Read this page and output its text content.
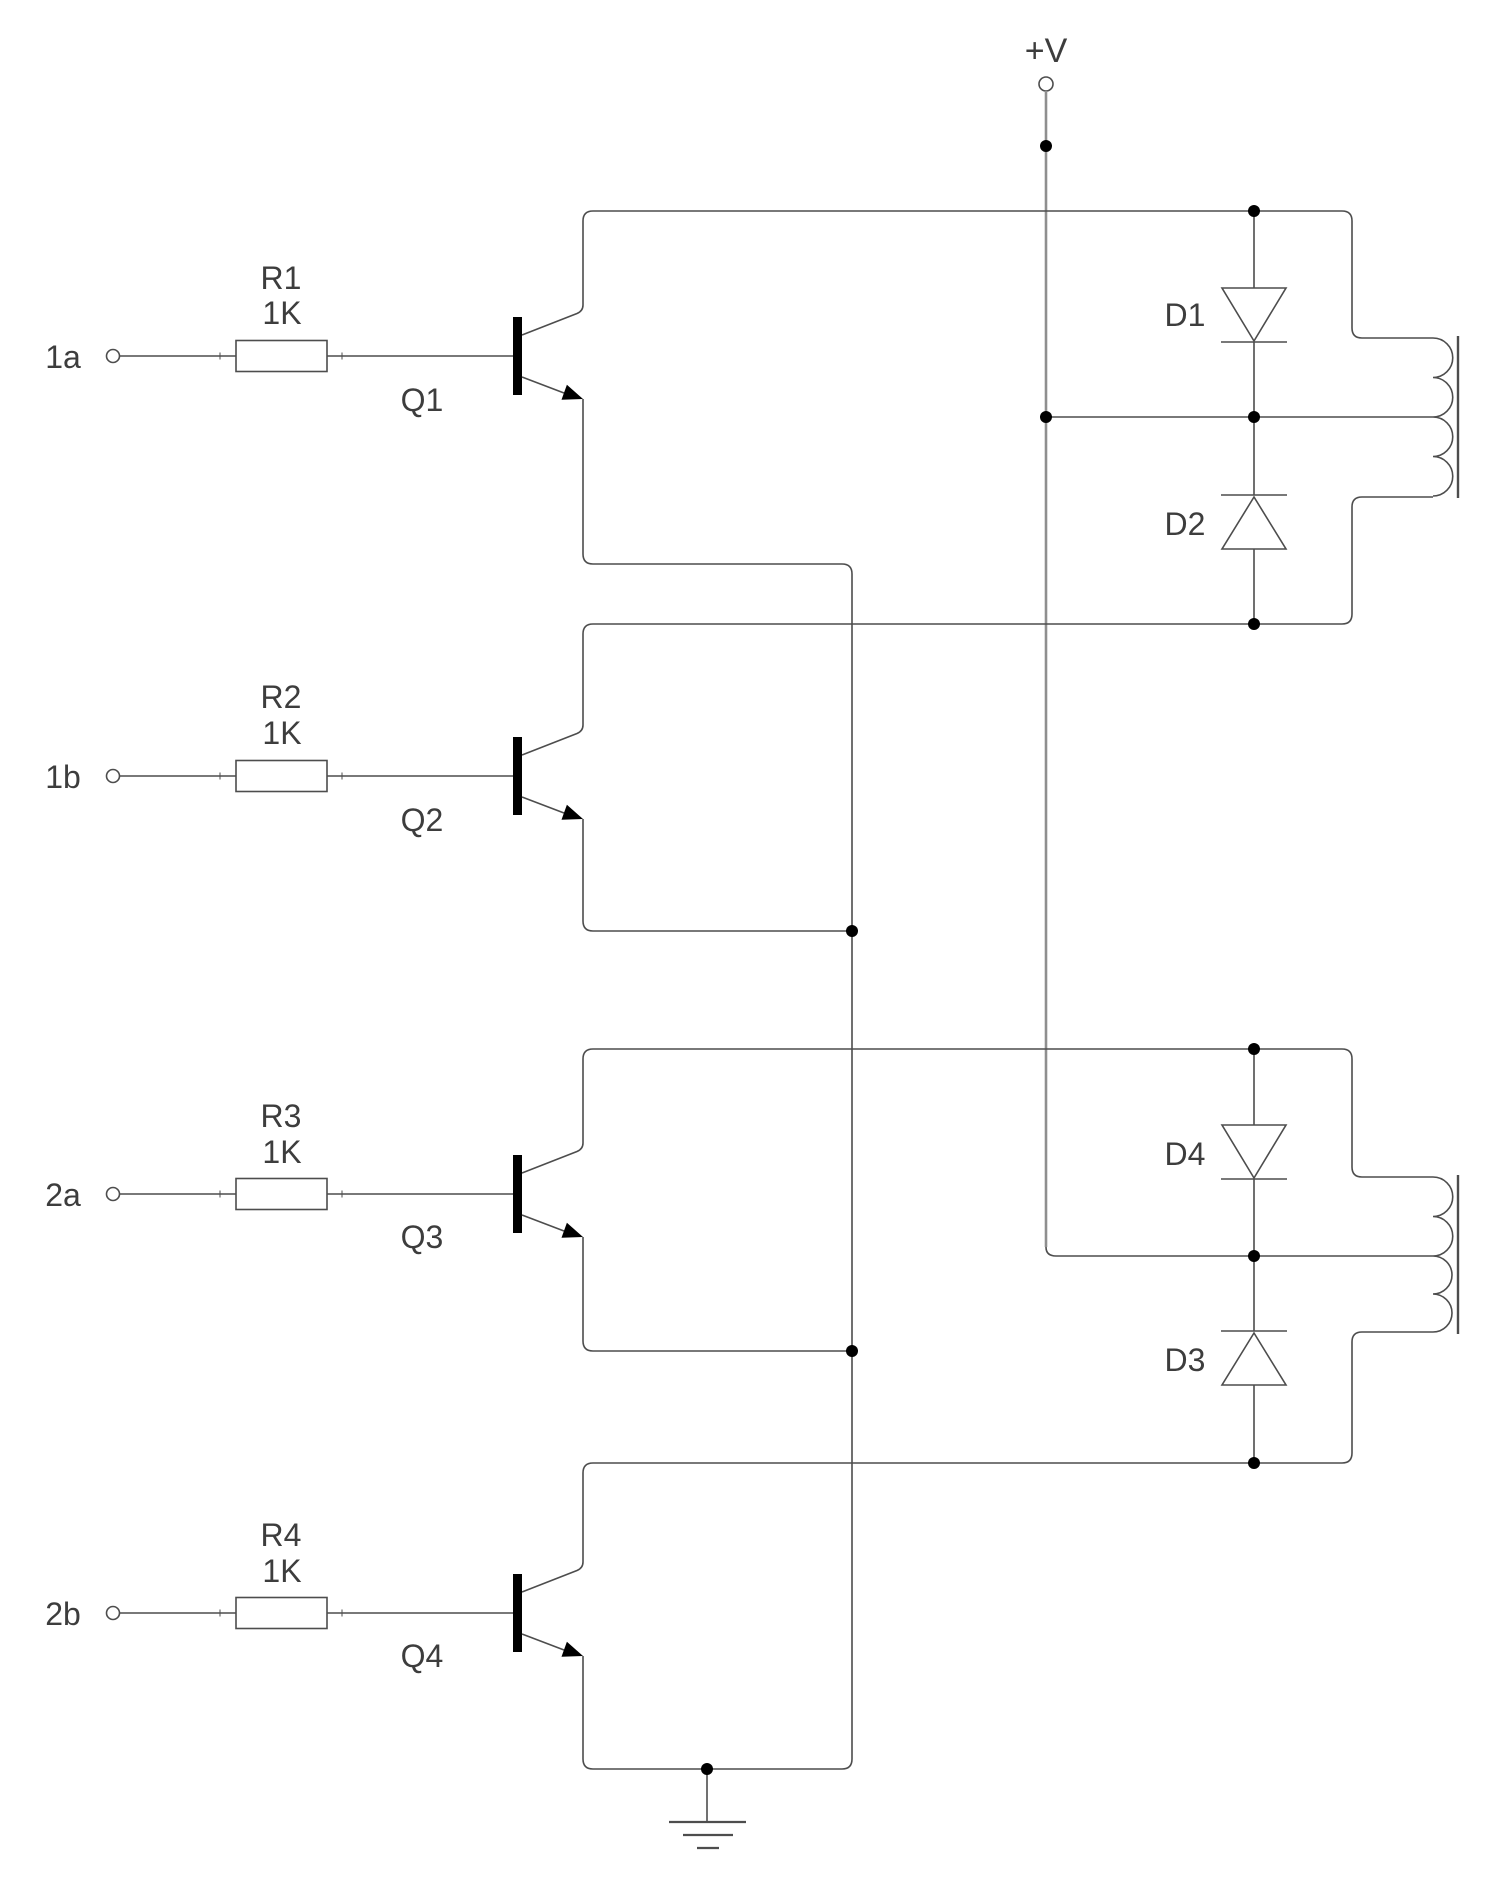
+V
1a
R1
1K
Q1
1b
R2
1K
Q2
2a
R3
1K
Q3
2b
R4
1K
Q4
D1
D2
D4
D3
